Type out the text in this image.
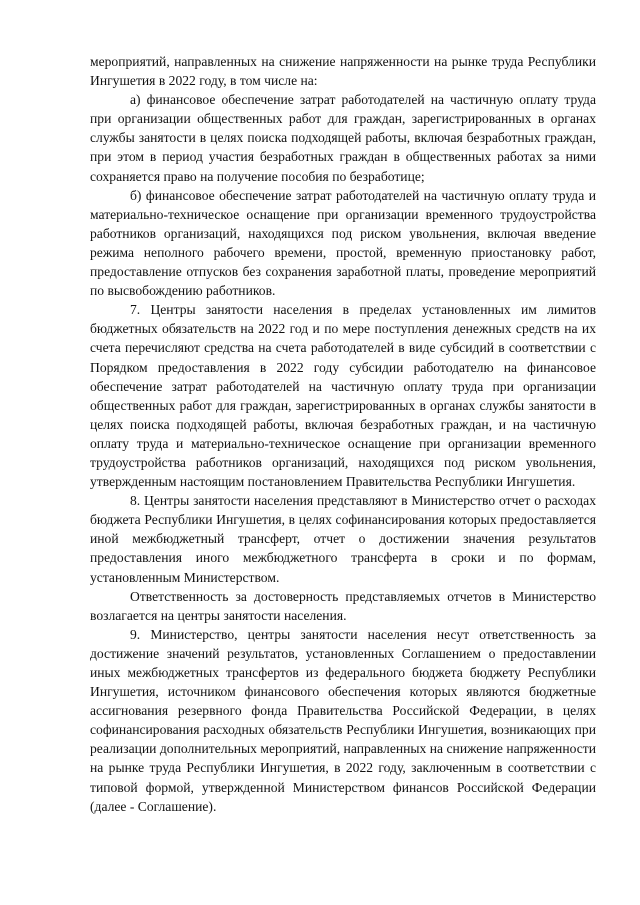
мероприятий, направленных на снижение напряженности на рынке труда Республики Ингушетия в 2022 году, в том числе на:

а) финансовое обеспечение затрат работодателей на частичную оплату труда при организации общественных работ для граждан, зарегистрированных в органах службы занятости в целях поиска подходящей работы, включая безработных граждан, при этом в период участия безработных граждан в общественных работах за ними сохраняется право на получение пособия по безработице;

б) финансовое обеспечение затрат работодателей на частичную оплату труда и материально-техническое оснащение при организации временного трудоустройства работников организаций, находящихся под риском увольнения, включая введение режима неполного рабочего времени, простой, временную приостановку работ, предоставление отпусков без сохранения заработной платы, проведение мероприятий по высвобождению работников.

7. Центры занятости населения в пределах установленных им лимитов бюджетных обязательств на 2022 год и по мере поступления денежных средств на их счета перечисляют средства на счета работодателей в виде субсидий в соответствии с Порядком предоставления в 2022 году субсидии работодателю на финансовое обеспечение затрат работодателей на частичную оплату труда при организации общественных работ для граждан, зарегистрированных в органах службы занятости в целях поиска подходящей работы, включая безработных граждан, и на частичную оплату труда и материально-техническое оснащение при организации временного трудоустройства работников организаций, находящихся под риском увольнения, утвержденным настоящим постановлением Правительства Республики Ингушетия.

8. Центры занятости населения представляют в Министерство отчет о расходах бюджета Республики Ингушетия, в целях софинансирования которых предоставляется иной межбюджетный трансферт, отчет о достижении значения результатов предоставления иного межбюджетного трансферта в сроки и по формам, установленным Министерством.

Ответственность за достоверность представляемых отчетов в Министерство возлагается на центры занятости населения.

9. Министерство, центры занятости населения несут ответственность за достижение значений результатов, установленных Соглашением о предоставлении иных межбюджетных трансфертов из федерального бюджета бюджету Республики Ингушетия, источником финансового обеспечения которых являются бюджетные ассигнования резервного фонда Правительства Российской Федерации, в целях софинансирования расходных обязательств Республики Ингушетия, возникающих при реализации дополнительных мероприятий, направленных на снижение напряженности на рынке труда Республики Ингушетия, в 2022 году, заключенным в соответствии с типовой формой, утвержденной Министерством финансов Российской Федерации (далее - Соглашение).
